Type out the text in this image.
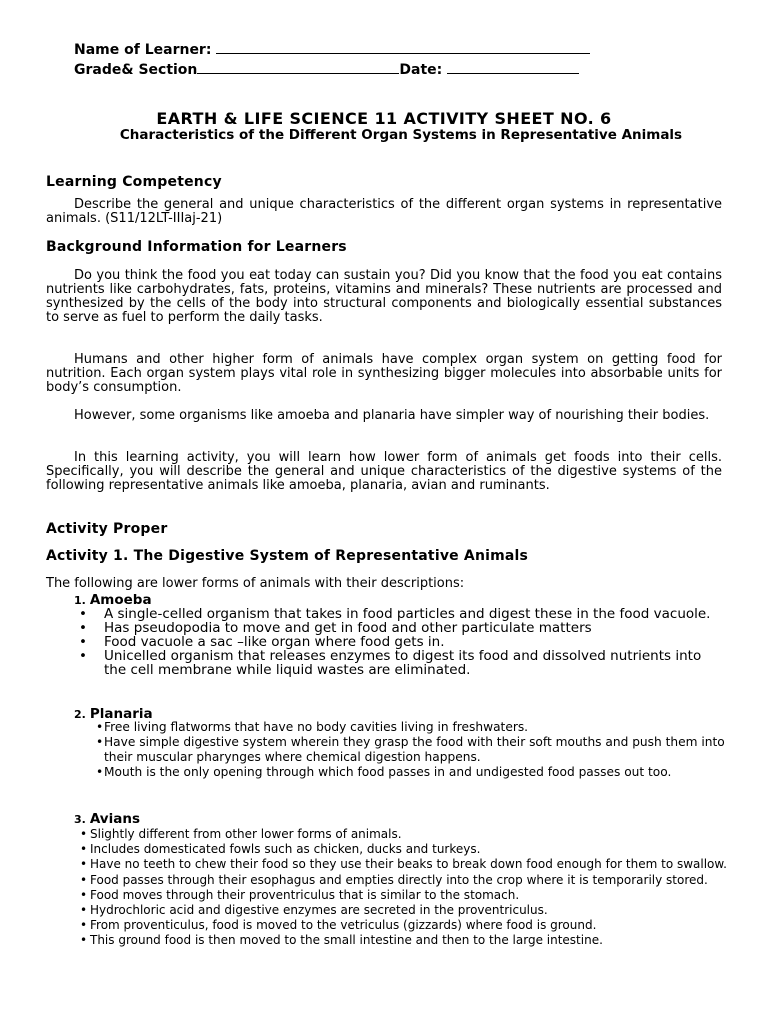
Name of Learner:
Grade& Section	Date:
EARTH & LIFE SCIENCE 11 ACTIVITY SHEET NO. 6
Characteristics of the Different Organ Systems in Representative Animals
Learning Competency
Describe the general and unique characteristics of the different organ systems in representative animals. (S11/12LT-IIIaj-21)
Background Information for Learners
Do you think the food you eat today can sustain you? Did you know that the food you eat contains nutrients like carbohydrates, fats, proteins, vitamins and minerals? These nutrients are processed and synthesized by the cells of the body into structural components and biologically essential substances to serve as fuel to perform the daily tasks.
Humans and other higher form of animals have complex organ system on getting food for nutrition. Each organ system plays vital role in synthesizing bigger molecules into absorbable units for body’s consumption.
However, some organisms like amoeba and planaria have simpler way of nourishing their bodies.
In this learning activity, you will learn how lower form of animals get foods into their cells. Specifically, you will describe the general and unique characteristics of the digestive systems of the following representative animals like amoeba, planaria, avian and ruminants.
Activity Proper
Activity 1. The Digestive System of Representative Animals
The following are lower forms of animals with their descriptions:
1. Amoeba
• A single-celled organism that takes in food particles and digest these in the food vacuole.
• Has pseudopodia to move and get in food and other particulate matters
• Food vacuole a sac –like organ where food gets in.
• Unicelled organism that releases enzymes to digest its food and dissolved nutrients into the cell membrane while liquid wastes are eliminated.
2. Planaria
• Free living flatworms that have no body cavities living in freshwaters.
• Have simple digestive system wherein they grasp the food with their soft mouths and push them into their muscular pharynges where chemical digestion happens.
• Mouth is the only opening through which food passes in and undigested food passes out too.
3. Avians
• Slightly different from other lower forms of animals.
• Includes domesticated fowls such as chicken, ducks and turkeys.
• Have no teeth to chew their food so they use their beaks to break down food enough for them to swallow.
• Food passes through their esophagus and empties directly into the crop where it is temporarily stored.
• Food moves through their proventriculus that is similar to the stomach.
• Hydrochloric acid and digestive enzymes are secreted in the proventriculus.
• From proventiculus, food is moved to the vetriculus (gizzards) where food is ground.
• This ground food is then moved to the small intestine and then to the large intestine.
